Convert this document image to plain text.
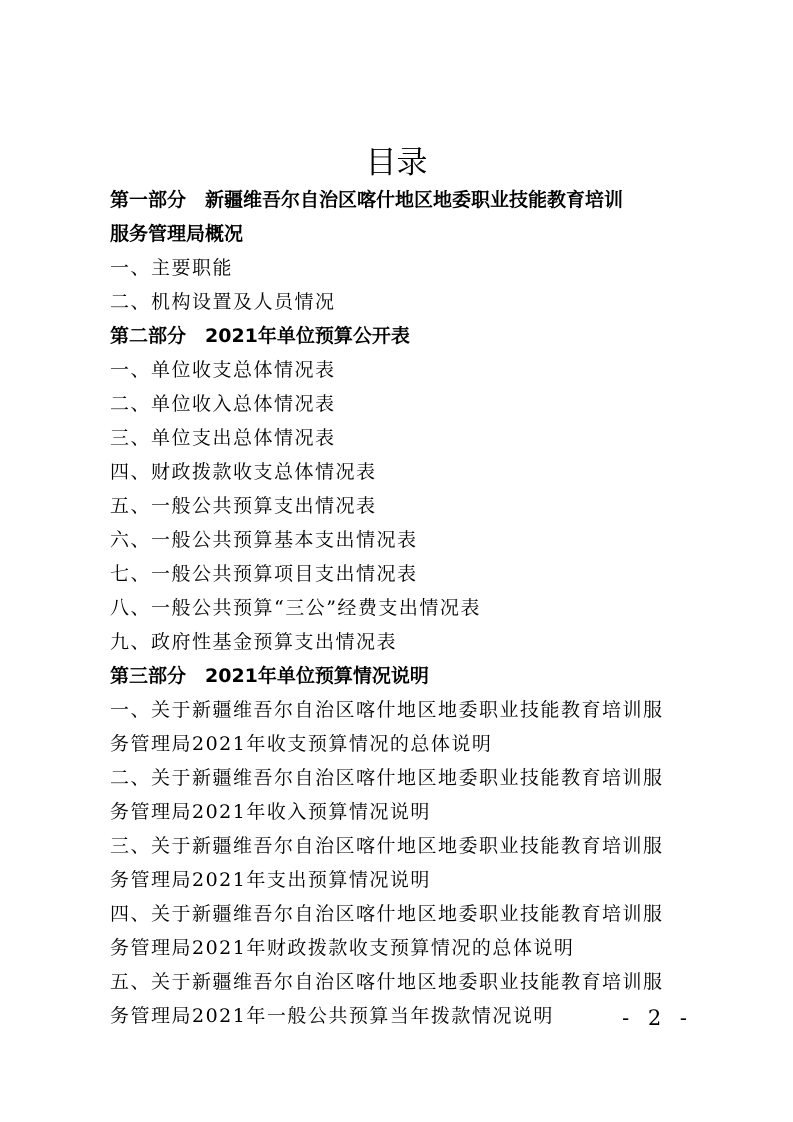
目录
第一部分　新疆维吾尔自治区喀什地区地委职业技能教育培训
服务管理局概况
一、主要职能
二、机构设置及人员情况
第二部分　2021年单位预算公开表
一、单位收支总体情况表
二、单位收入总体情况表
三、单位支出总体情况表
四、财政拨款收支总体情况表
五、一般公共预算支出情况表
六、一般公共预算基本支出情况表
七、一般公共预算项目支出情况表
八、一般公共预算“三公”经费支出情况表
九、政府性基金预算支出情况表
第三部分　2021年单位预算情况说明
一、关于新疆维吾尔自治区喀什地区地委职业技能教育培训服
务管理局2021年收支预算情况的总体说明
二、关于新疆维吾尔自治区喀什地区地委职业技能教育培训服
务管理局2021年收入预算情况说明
三、关于新疆维吾尔自治区喀什地区地委职业技能教育培训服
务管理局2021年支出预算情况说明
四、关于新疆维吾尔自治区喀什地区地委职业技能教育培训服
务管理局2021年财政拨款收支预算情况的总体说明
五、关于新疆维吾尔自治区喀什地区地委职业技能教育培训服
务管理局2021年一般公共预算当年拨款情况说明	- 2 -
